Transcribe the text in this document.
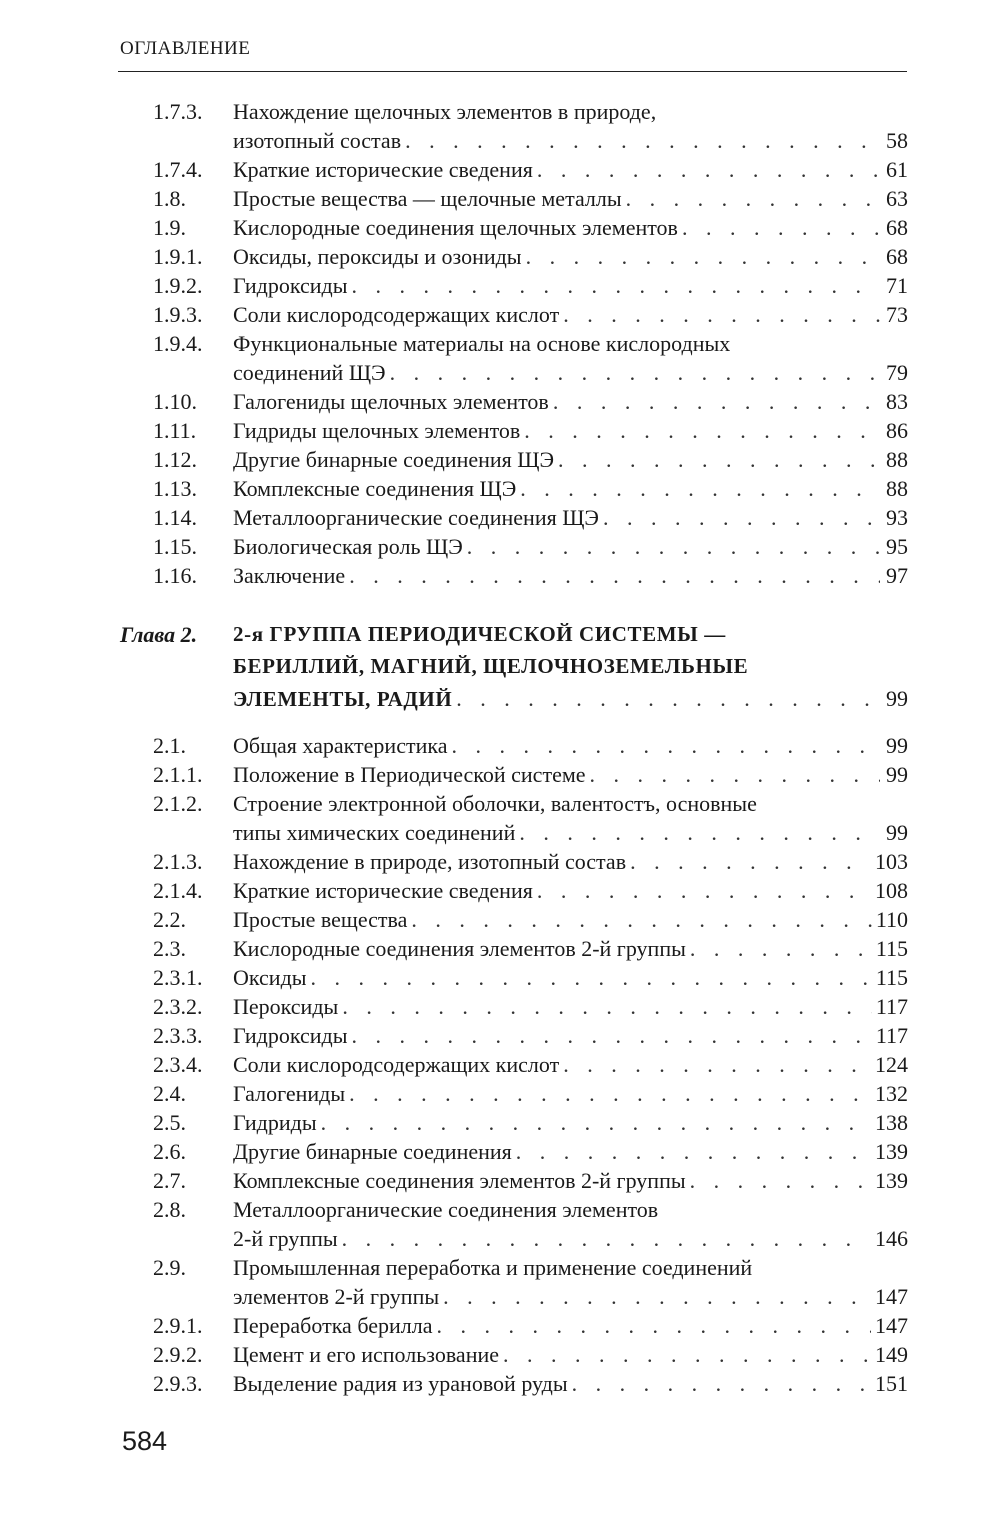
ОГЛАВЛЕНИЕ
1.7.3. Нахождение щелочных элементов в природе,
изотопный состав . . .	58
1.7.4. Краткие исторические сведения . . .	61
1.8. Простые вещества — щелочные металлы . . .	63
1.9. Кислородные соединения щелочных элементов . . .	68
1.9.1. Оксиды, пероксиды и озониды . . .	68
1.9.2. Гидроксиды . . .	71
1.9.3. Соли кислородсодержащих кислот . . .	73
1.9.4. Функциональные материалы на основе кислородных
соединений ЩЭ . . .	79
1.10. Галогениды щелочных элементов . . .	83
1.11. Гидриды щелочных элементов . . .	86
1.12. Другие бинарные соединения ЩЭ . . .	88
1.13. Комплексные соединения ЩЭ . . .	88
1.14. Металлоорганические соединения ЩЭ . . .	93
1.15. Биологическая роль ЩЭ . . .	95
1.16. Заключение . . .	97
Глава 2. 2-я ГРУППА ПЕРИОДИЧЕСКОЙ СИСТЕМЫ —
БЕРИЛЛИЙ, МАГНИЙ, ЩЕЛОЧНОЗЕМЕЛЬНЫЕ
ЭЛЕМЕНТЫ, РАДИЙ . . .	99
2.1. Общая характеристика . . .	99
2.1.1. Положение в Периодической системе . . .	99
2.1.2. Строение электронной оболочки, валентостъ, основные
типы химических соединений . . .	99
2.1.3. Нахождение в природе, изотопный состав . . .	103
2.1.4. Краткие исторические сведения . . .	108
2.2. Простые вещества . . .	110
2.3. Кислородные соединения элементов 2-й группы . . .	115
2.3.1. Оксиды . . .	115
2.3.2. Пероксиды . . .	117
2.3.3. Гидроксиды . . .	117
2.3.4. Соли кислородсодержащих кислот . . .	124
2.4. Галогениды . . .	132
2.5. Гидриды . . .	138
2.6. Другие бинарные соединения . . .	139
2.7. Комплексные соединения элементов 2-й группы . . .	139
2.8. Металлоорганические соединения элементов
2-й группы . . .	146
2.9. Промышленная переработка и применение соединений
элементов 2-й группы . . .	147
2.9.1. Переработка берилла . . .	147
2.9.2. Цемент и его использование . . .	149
2.9.3. Выделение радия из урановой руды . . .	151
584
